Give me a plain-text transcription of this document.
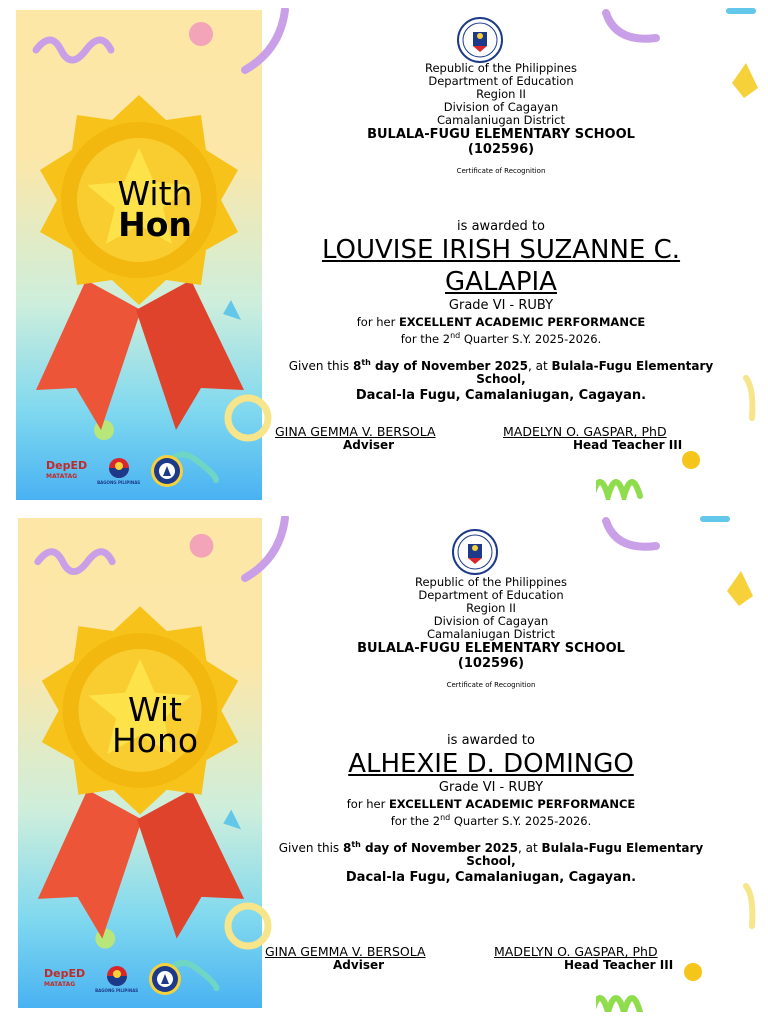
With
Hon
DepED
MATATAG
BAGONG PILIPINAS
Republic of the Philippines
Department of Education
Region II
Division of Cagayan
Camalaniugan District
BULALA-FUGU ELEMENTARY SCHOOL
(102596)
Certificate of Recognition
is awarded to
LOUVISE IRISH SUZANNE C.
GALAPIA
Grade VI - RUBY
for her EXCELLENT ACADEMIC PERFORMANCE
for the 2nd Quarter S.Y. 2025-2026.
Given this 8th day of November 2025, at Bulala-Fugu Elementary School,
Dacal-la Fugu, Camalaniugan, Cagayan.
GINA GEMMA V. BERSOLA
Adviser
MADELYN O. GASPAR, PhD
Head Teacher III
Wit
Hono
DepED
MATATAG
BAGONG PILIPINAS
Republic of the Philippines
Department of Education
Region II
Division of Cagayan
Camalaniugan District
BULALA-FUGU ELEMENTARY SCHOOL
(102596)
Certificate of Recognition
is awarded to
ALHEXIE D. DOMINGO
Grade VI - RUBY
for her EXCELLENT ACADEMIC PERFORMANCE
for the 2nd Quarter S.Y. 2025-2026.
Given this 8th day of November 2025, at Bulala-Fugu Elementary School,
Dacal-la Fugu, Camalaniugan, Cagayan.
GINA GEMMA V. BERSOLA
Adviser
MADELYN O. GASPAR, PhD
Head Teacher III
